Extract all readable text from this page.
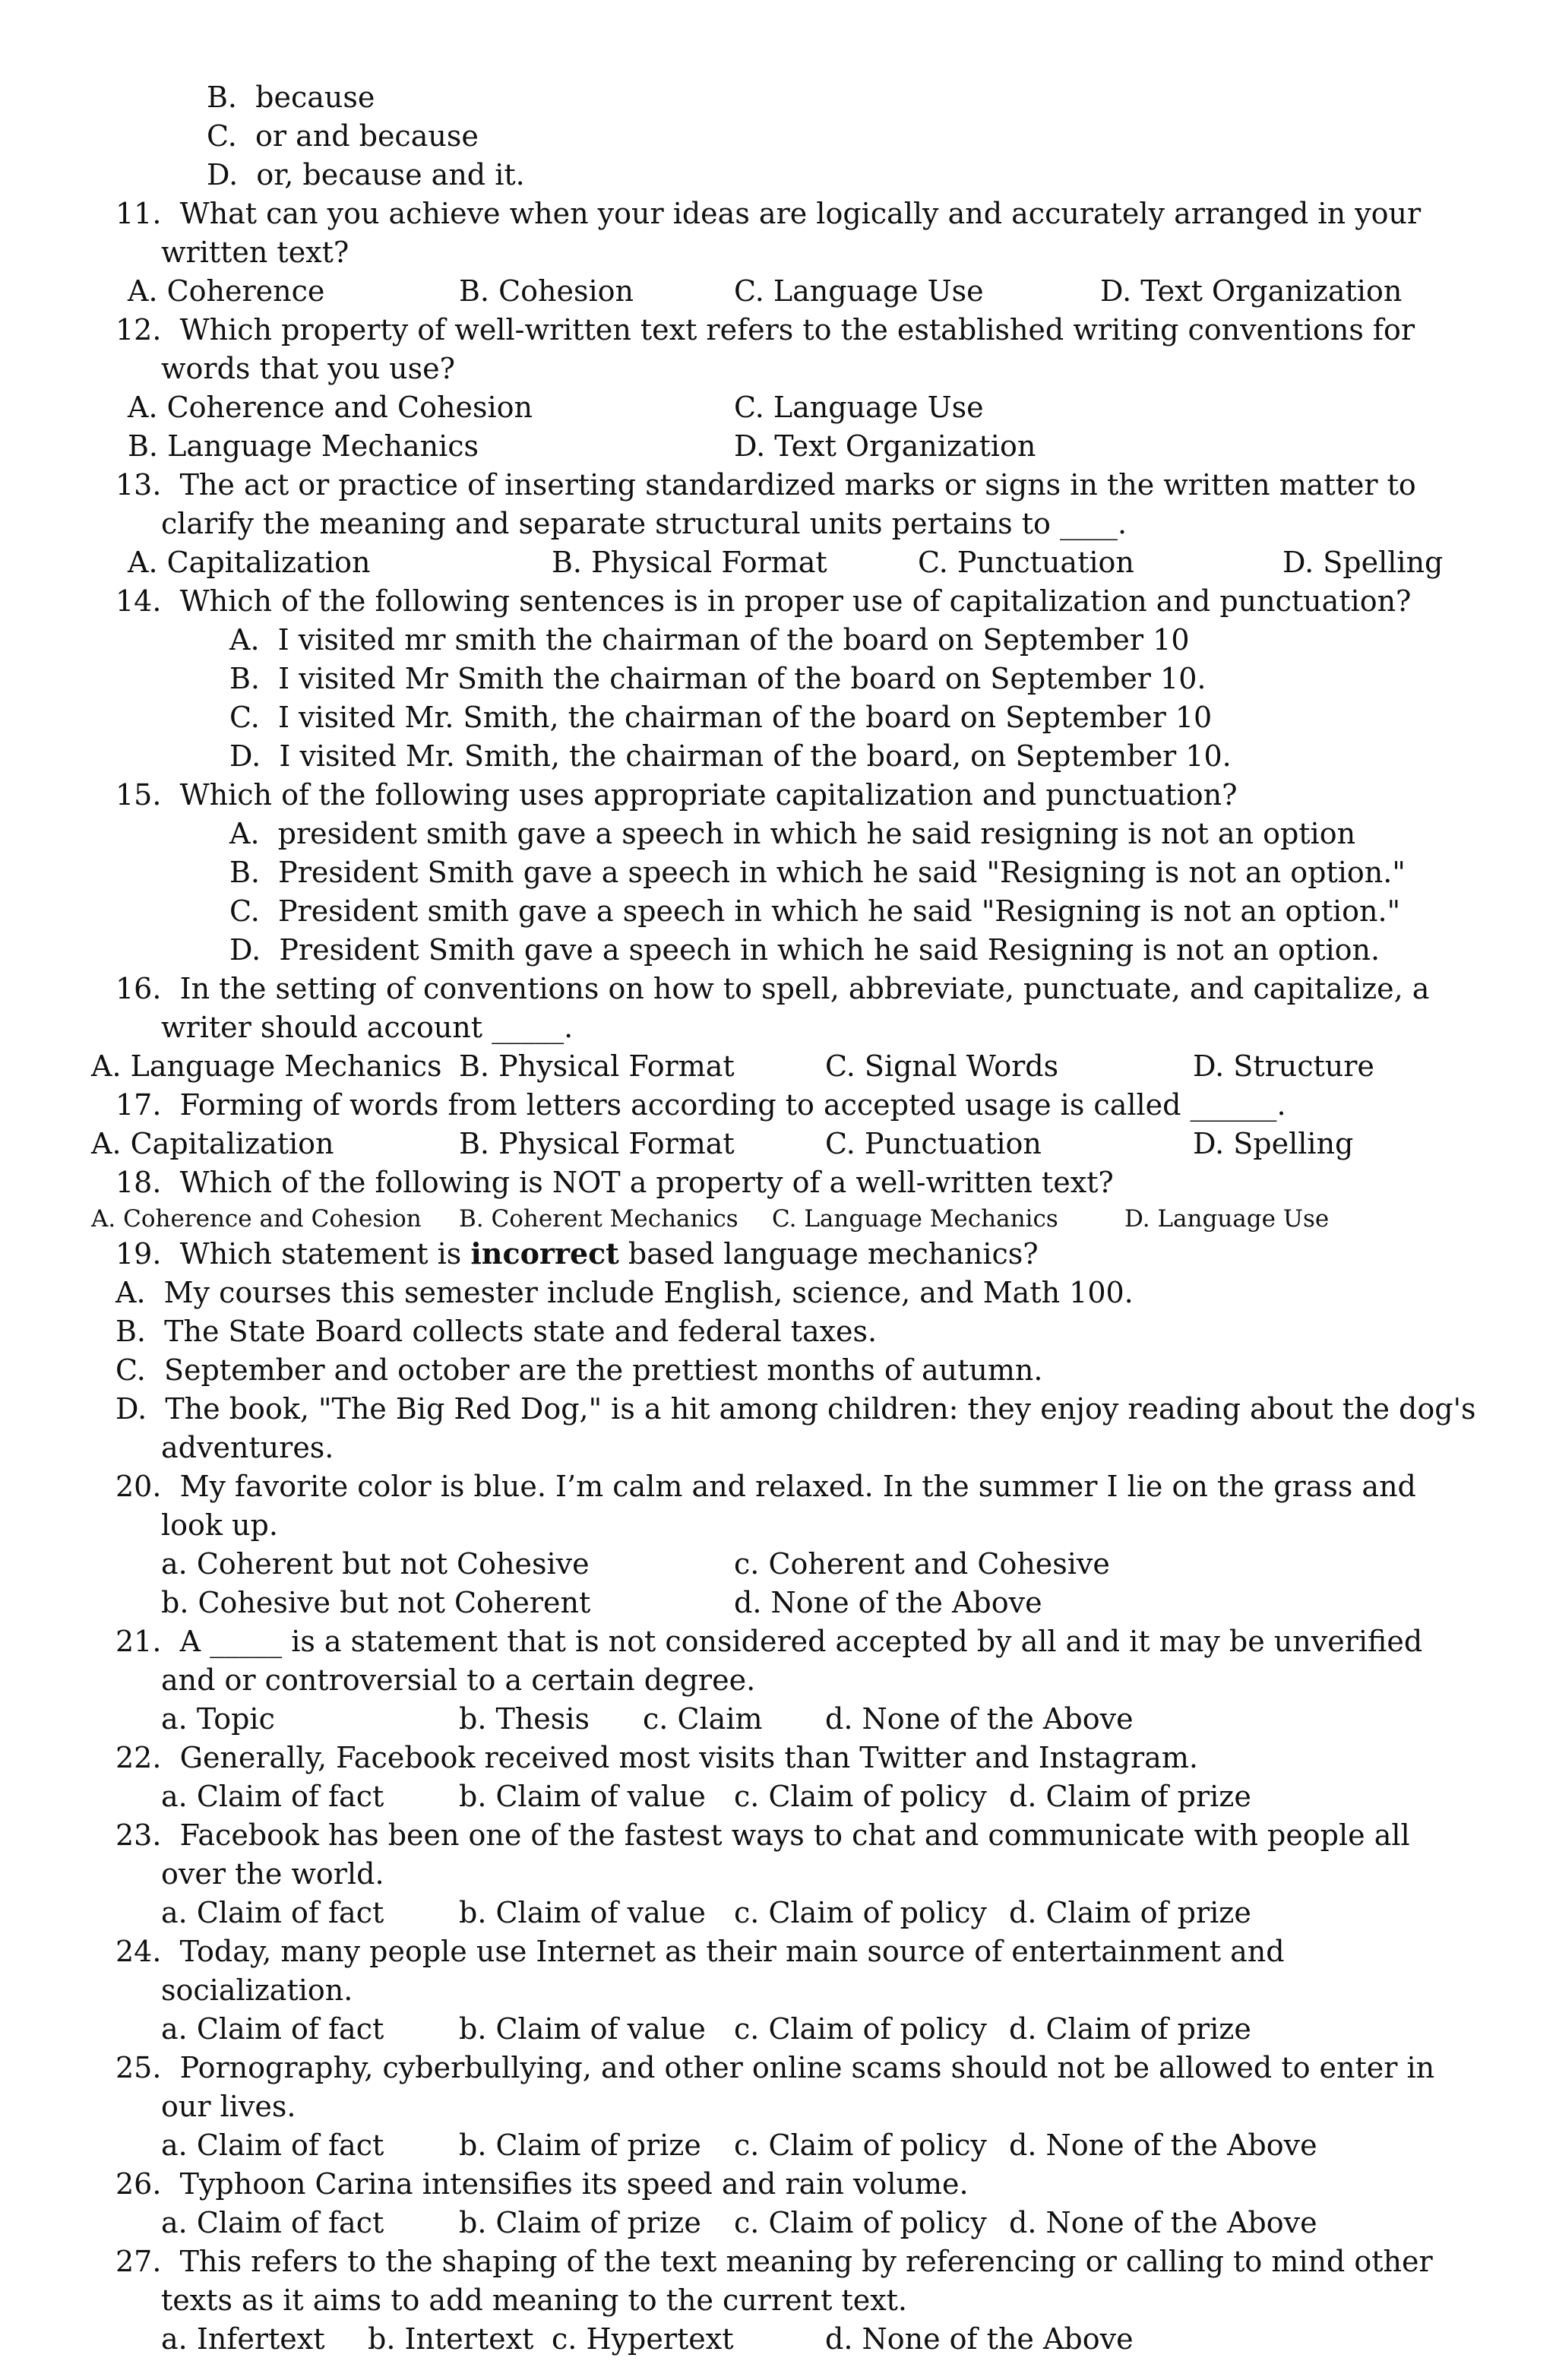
B.  because
C.  or and because
D.  or, because and it.
11.  What can you achieve when your ideas are logically and accurately arranged in your
written text?
A. Coherence	B. Cohesion	C. Language Use	D. Text Organization
12.  Which property of well-written text refers to the established writing conventions for
words that you use?
A. Coherence and Cohesion	C. Language Use
B. Language Mechanics	D. Text Organization
13.  The act or practice of inserting standardized marks or signs in the written matter to
clarify the meaning and separate structural units pertains to ____.
A. Capitalization	B. Physical Format	C. Punctuation	D. Spelling
14.  Which of the following sentences is in proper use of capitalization and punctuation?
A.  I visited mr smith the chairman of the board on September 10
B.  I visited Mr Smith the chairman of the board on September 10.
C.  I visited Mr. Smith, the chairman of the board on September 10
D.  I visited Mr. Smith, the chairman of the board, on September 10.
15.  Which of the following uses appropriate capitalization and punctuation?
A.  president smith gave a speech in which he said resigning is not an option
B.  President Smith gave a speech in which he said "Resigning is not an option."
C.  President smith gave a speech in which he said "Resigning is not an option."
D.  President Smith gave a speech in which he said Resigning is not an option.
16.  In the setting of conventions on how to spell, abbreviate, punctuate, and capitalize, a
writer should account _____.
A. Language Mechanics B. Physical Format	C. Signal Words	D. Structure
17.  Forming of words from letters according to accepted usage is called ______.
A. Capitalization	B. Physical Format	C. Punctuation	D. Spelling
18.  Which of the following is NOT a property of a well-written text?
A. Coherence and Cohesion B. Coherent Mechanics C. Language Mechanics	D. Language Use
19.  Which statement is incorrect based language mechanics?
A.  My courses this semester include English, science, and Math 100.
B.  The State Board collects state and federal taxes.
C.  September and october are the prettiest months of autumn.
D.  The book, "The Big Red Dog," is a hit among children: they enjoy reading about the dog's
adventures.
20.  My favorite color is blue. I’m calm and relaxed. In the summer I lie on the grass and
look up.
a. Coherent but not Cohesive	c. Coherent and Cohesive
b. Cohesive but not Coherent	d. None of the Above
21.  A _____ is a statement that is not considered accepted by all and it may be unverified
and or controversial to a certain degree.
a. Topic	b. Thesis c. Claim d. None of the Above
22.  Generally, Facebook received most visits than Twitter and Instagram.
a. Claim of fact	b. Claim of value c. Claim of policy d. Claim of prize
23.  Facebook has been one of the fastest ways to chat and communicate with people all
over the world.
a. Claim of fact	b. Claim of value c. Claim of policy d. Claim of prize
24.  Today, many people use Internet as their main source of entertainment and
socialization.
a. Claim of fact	b. Claim of value c. Claim of policy d. Claim of prize
25.  Pornography, cyberbullying, and other online scams should not be allowed to enter in
our lives.
a. Claim of fact	b. Claim of prize c. Claim of policy d. None of the Above
26.  Typhoon Carina intensifies its speed and rain volume.
a. Claim of fact	b. Claim of prize c. Claim of policy d. None of the Above
27.  This refers to the shaping of the text meaning by referencing or calling to mind other
texts as it aims to add meaning to the current text.
a. Infertext b. Intertext c. Hypertext	d. None of the Above
